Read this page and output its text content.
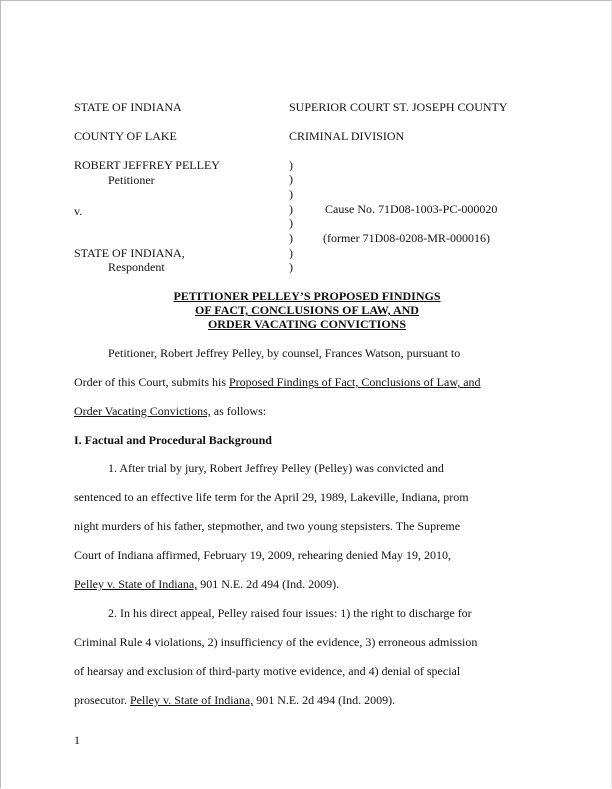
STATE OF INDIANA	SUPERIOR COURT ST. JOSEPH COUNTY
COUNTY OF LAKE	CRIMINAL DIVISION
ROBERT JEFFREY PELLEY
Petitioner
v.
STATE OF INDIANA,
Respondent
)
)
)
)
)
)
)
)
Cause No. 71D08-1003-PC-000020
(former 71D08-0208-MR-000016)
PETITIONER PELLEY’S PROPOSED FINDINGS
OF FACT, CONCLUSIONS OF LAW, AND
ORDER VACATING CONVICTIONS
Petitioner, Robert Jeffrey Pelley, by counsel, Frances Watson, pursuant to
Order of this Court, submits his Proposed Findings of Fact, Conclusions of Law, and
Order Vacating Convictions, as follows:
I. Factual and Procedural Background
1. After trial by jury, Robert Jeffrey Pelley (Pelley) was convicted and
sentenced to an effective life term for the April 29, 1989, Lakeville, Indiana, prom
night murders of his father, stepmother, and two young stepsisters. The Supreme
Court of Indiana affirmed, February 19, 2009, rehearing denied May 19, 2010,
Pelley v. State of Indiana, 901 N.E. 2d 494 (Ind. 2009).
2. In his direct appeal, Pelley raised four issues: 1) the right to discharge for
Criminal Rule 4 violations, 2) insufficiency of the evidence, 3) erroneous admission
of hearsay and exclusion of third-party motive evidence, and 4) denial of special
prosecutor. Pelley v. State of Indiana, 901 N.E. 2d 494 (Ind. 2009).
1
